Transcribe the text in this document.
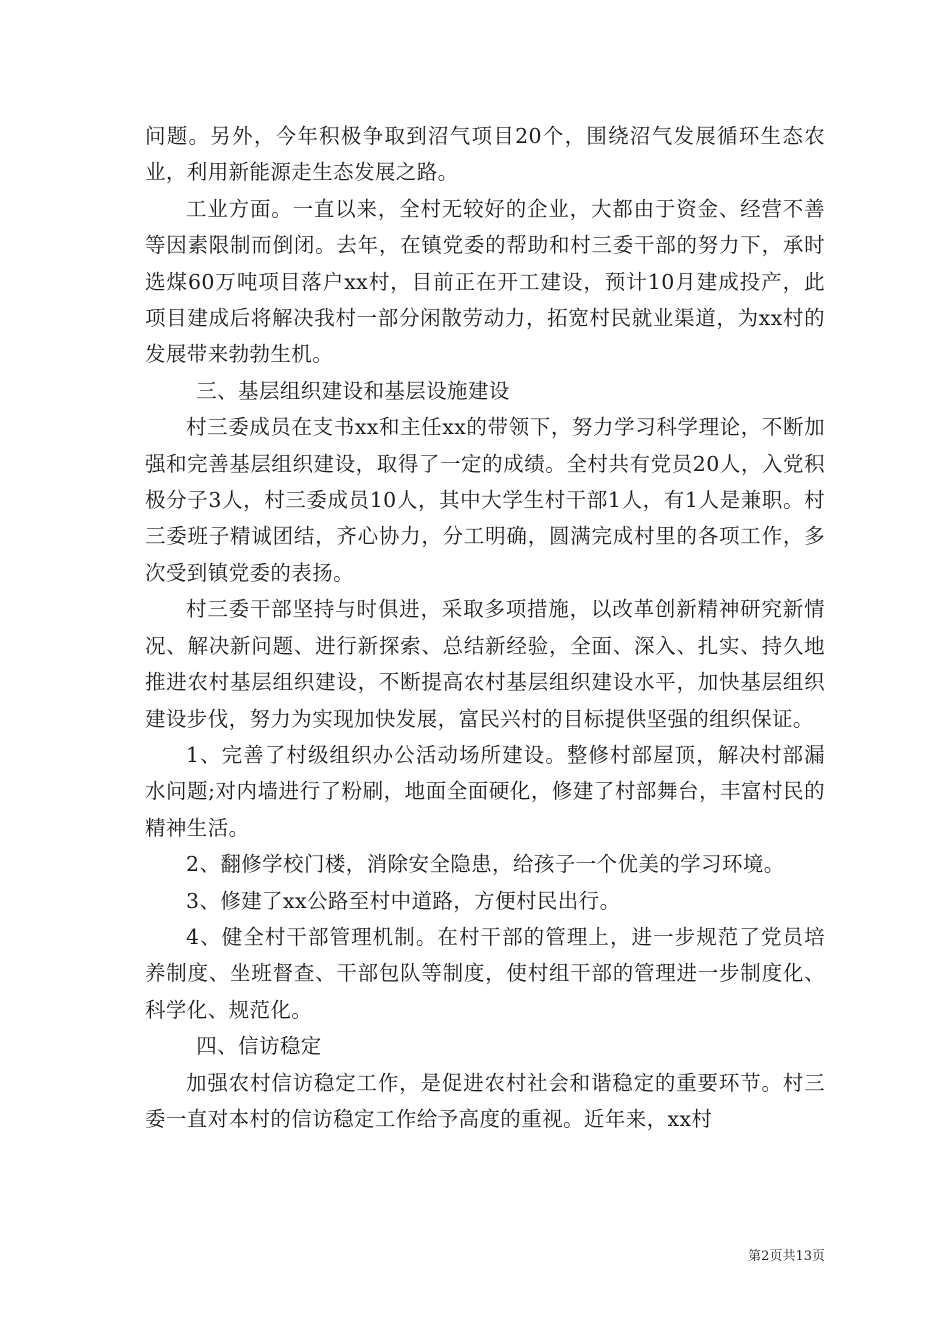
问题。另外，今年积极争取到沼气项目20个，围绕沼气发展循环生态农业，利用新能源走生态发展之路。

工业方面。一直以来，全村无较好的企业，大都由于资金、经营不善等因素限制而倒闭。去年，在镇党委的帮助和村三委干部的努力下，承时选煤60万吨项目落户xx村，目前正在开工建设，预计10月建成投产，此项目建成后将解决我村一部分闲散劳动力，拓宽村民就业渠道，为xx村的发展带来勃勃生机。

三、基层组织建设和基层设施建设

村三委成员在支书xx和主任xx的带领下，努力学习科学理论，不断加强和完善基层组织建设，取得了一定的成绩。全村共有党员20人，入党积极分子3人，村三委成员10人，其中大学生村干部1人，有1人是兼职。村三委班子精诚团结，齐心协力，分工明确，圆满完成村里的各项工作，多次受到镇党委的表扬。

村三委干部坚持与时俱进，采取多项措施，以改革创新精神研究新情况、解决新问题、进行新探索、总结新经验，全面、深入、扎实、持久地推进农村基层组织建设，不断提高农村基层组织建设水平，加快基层组织建设步伐，努力为实现加快发展，富民兴村的目标提供坚强的组织保证。

1、完善了村级组织办公活动场所建设。整修村部屋顶，解决村部漏水问题;对内墙进行了粉刷，地面全面硬化，修建了村部舞台，丰富村民的精神生活。

2、翻修学校门楼，消除安全隐患，给孩子一个优美的学习环境。

3、修建了xx公路至村中道路，方便村民出行。

4、健全村干部管理机制。在村干部的管理上，进一步规范了党员培养制度、坐班督查、干部包队等制度，使村组干部的管理进一步制度化、科学化、规范化。

四、信访稳定

加强农村信访稳定工作，是促进农村社会和谐稳定的重要环节。村三委一直对本村的信访稳定工作给予高度的重视。近年来，xx村

第2页共13页
